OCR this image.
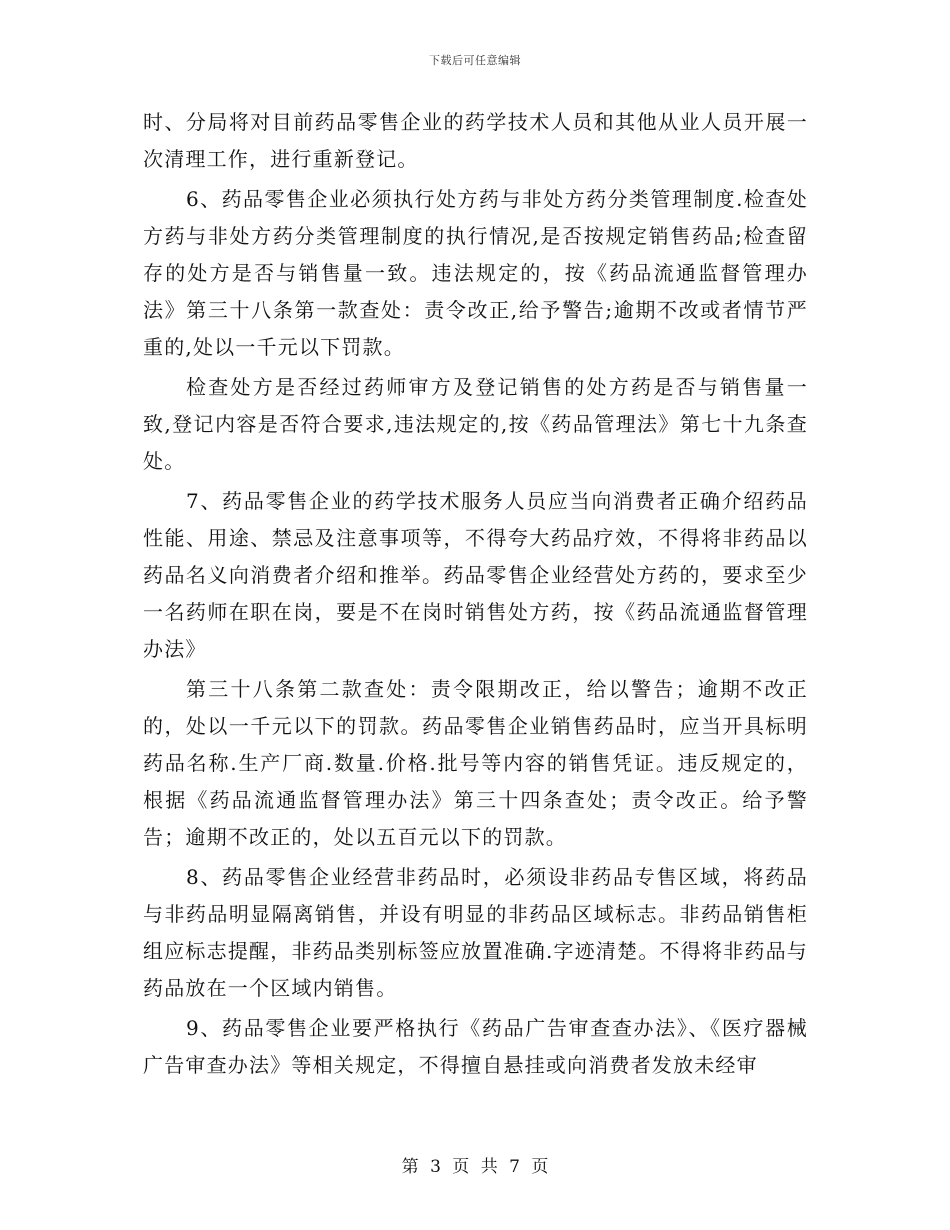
下载后可任意编辑

时、分局将对目前药品零售企业的药学技术人员和其他从业人员开展一次清理工作，进行重新登记。

6、药品零售企业必须执行处方药与非处方药分类管理制度.检查处方药与非处方药分类管理制度的执行情况,是否按规定销售药品;检查留存的处方是否与销售量一致。违法规定的，按《药品流通监督管理办法》第三十八条第一款查处：责令改正,给予警告;逾期不改或者情节严重的,处以一千元以下罚款。

检查处方是否经过药师审方及登记销售的处方药是否与销售量一致,登记内容是否符合要求,违法规定的,按《药品管理法》第七十九条查处。

7、药品零售企业的药学技术服务人员应当向消费者正确介绍药品性能、用途、禁忌及注意事项等，不得夸大药品疗效，不得将非药品以药品名义向消费者介绍和推举。药品零售企业经营处方药的，要求至少一名药师在职在岗，要是不在岗时销售处方药，按《药品流通监督管理办法》

第三十八条第二款查处：责令限期改正，给以警告；逾期不改正的，处以一千元以下的罚款。药品零售企业销售药品时，应当开具标明药品名称.生产厂商.数量.价格.批号等内容的销售凭证。违反规定的，根据《药品流通监督管理办法》第三十四条查处；责令改正。给予警告；逾期不改正的，处以五百元以下的罚款。

8、药品零售企业经营非药品时，必须设非药品专售区域，将药品与非药品明显隔离销售，并设有明显的非药品区域标志。非药品销售柜组应标志提醒，非药品类别标签应放置准确.字迹清楚。不得将非药品与药品放在一个区域内销售。

9、药品零售企业要严格执行《药品广告审查查办法》、《医疗器械广告审查办法》等相关规定，不得擅自悬挂或向消费者发放未经审

第 3 页 共 7 页
